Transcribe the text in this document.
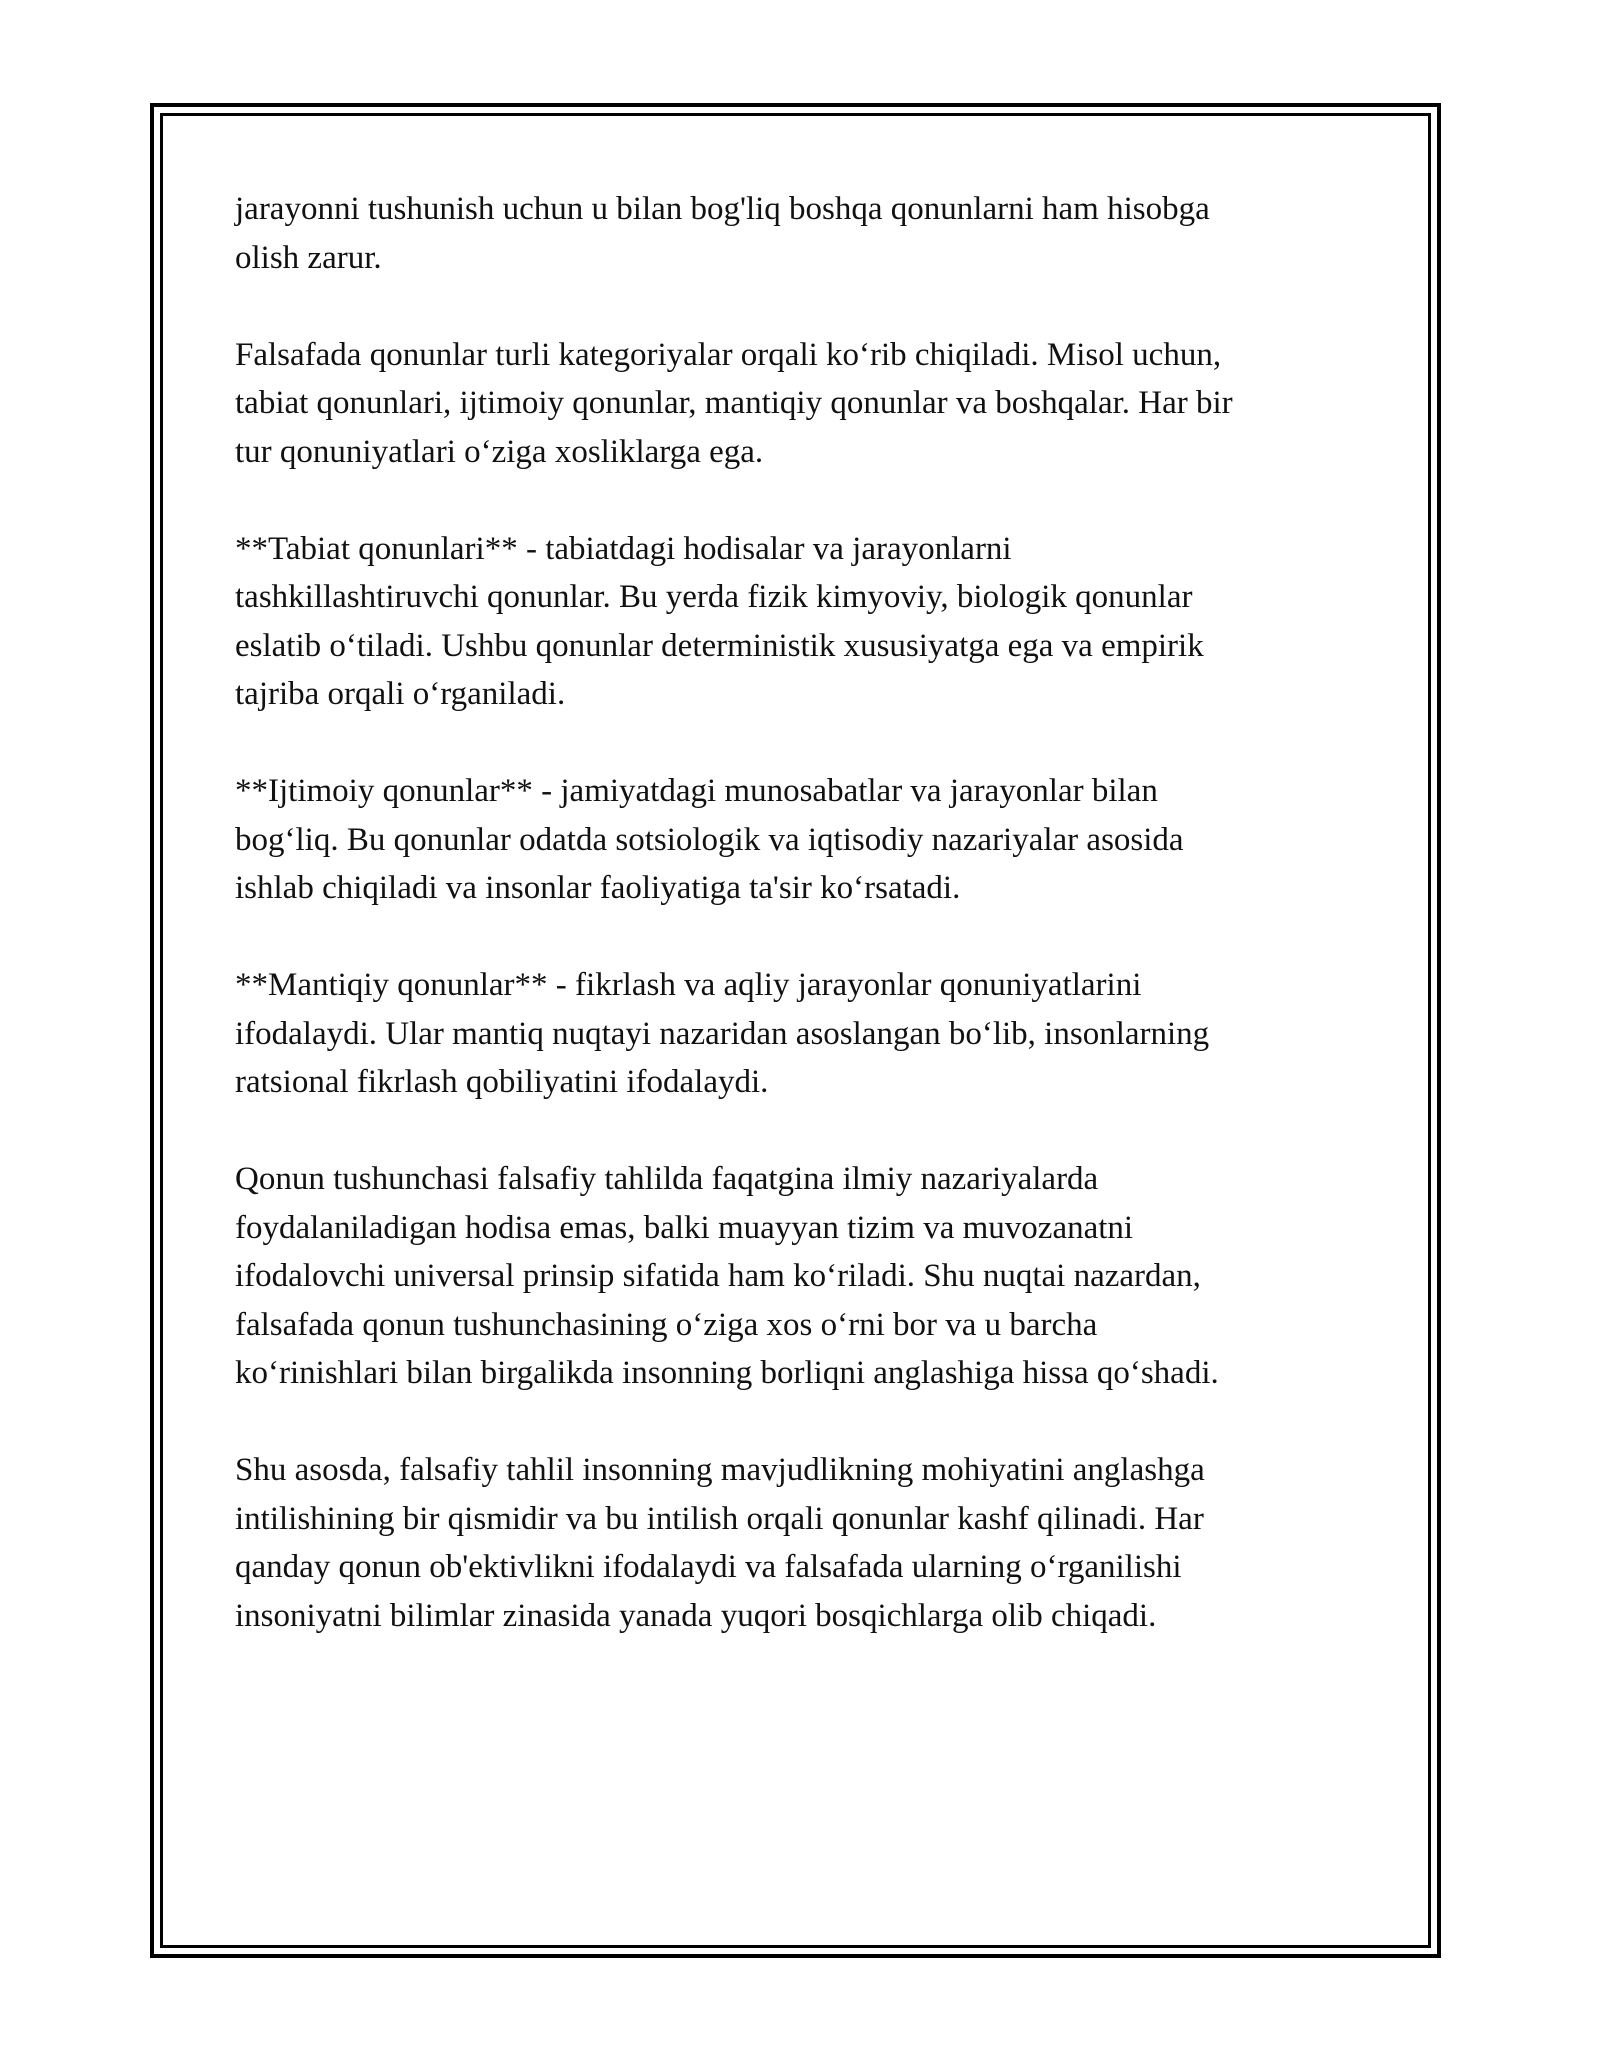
jarayonni tushunish uchun u bilan bog'liq boshqa qonunlarni ham hisobga
olish zarur.

Falsafada qonunlar turli kategoriyalar orqali ko‘rib chiqiladi. Misol uchun,
tabiat qonunlari, ijtimoiy qonunlar, mantiqiy qonunlar va boshqalar. Har bir
tur qonuniyatlari o‘ziga xosliklarga ega.

**Tabiat qonunlari** - tabiatdagi hodisalar va jarayonlarni
tashkillashtiruvchi qonunlar. Bu yerda fizik kimyoviy, biologik qonunlar
eslatib o‘tiladi. Ushbu qonunlar deterministik xususiyatga ega va empirik
tajriba orqali o‘rganiladi.

**Ijtimoiy qonunlar** - jamiyatdagi munosabatlar va jarayonlar bilan
bog‘liq. Bu qonunlar odatda sotsiologik va iqtisodiy nazariyalar asosida
ishlab chiqiladi va insonlar faoliyatiga ta'sir ko‘rsatadi.

**Mantiqiy qonunlar** - fikrlash va aqliy jarayonlar qonuniyatlarini
ifodalaydi. Ular mantiq nuqtayi nazaridan asoslangan bo‘lib, insonlarning
ratsional fikrlash qobiliyatini ifodalaydi.

Qonun tushunchasi falsafiy tahlilda faqatgina ilmiy nazariyalarda
foydalaniladigan hodisa emas, balki muayyan tizim va muvozanatni
ifodalovchi universal prinsip sifatida ham ko‘riladi. Shu nuqtai nazardan,
falsafada qonun tushunchasining o‘ziga xos o‘rni bor va u barcha
ko‘rinishlari bilan birgalikda insonning borliqni anglashiga hissa qo‘shadi.

Shu asosda, falsafiy tahlil insonning mavjudlikning mohiyatini anglashga
intilishining bir qismidir va bu intilish orqali qonunlar kashf qilinadi. Har
qanday qonun ob'ektivlikni ifodalaydi va falsafada ularning o‘rganilishi
insoniyatni bilimlar zinasida yanada yuqori bosqichlarga olib chiqadi.
